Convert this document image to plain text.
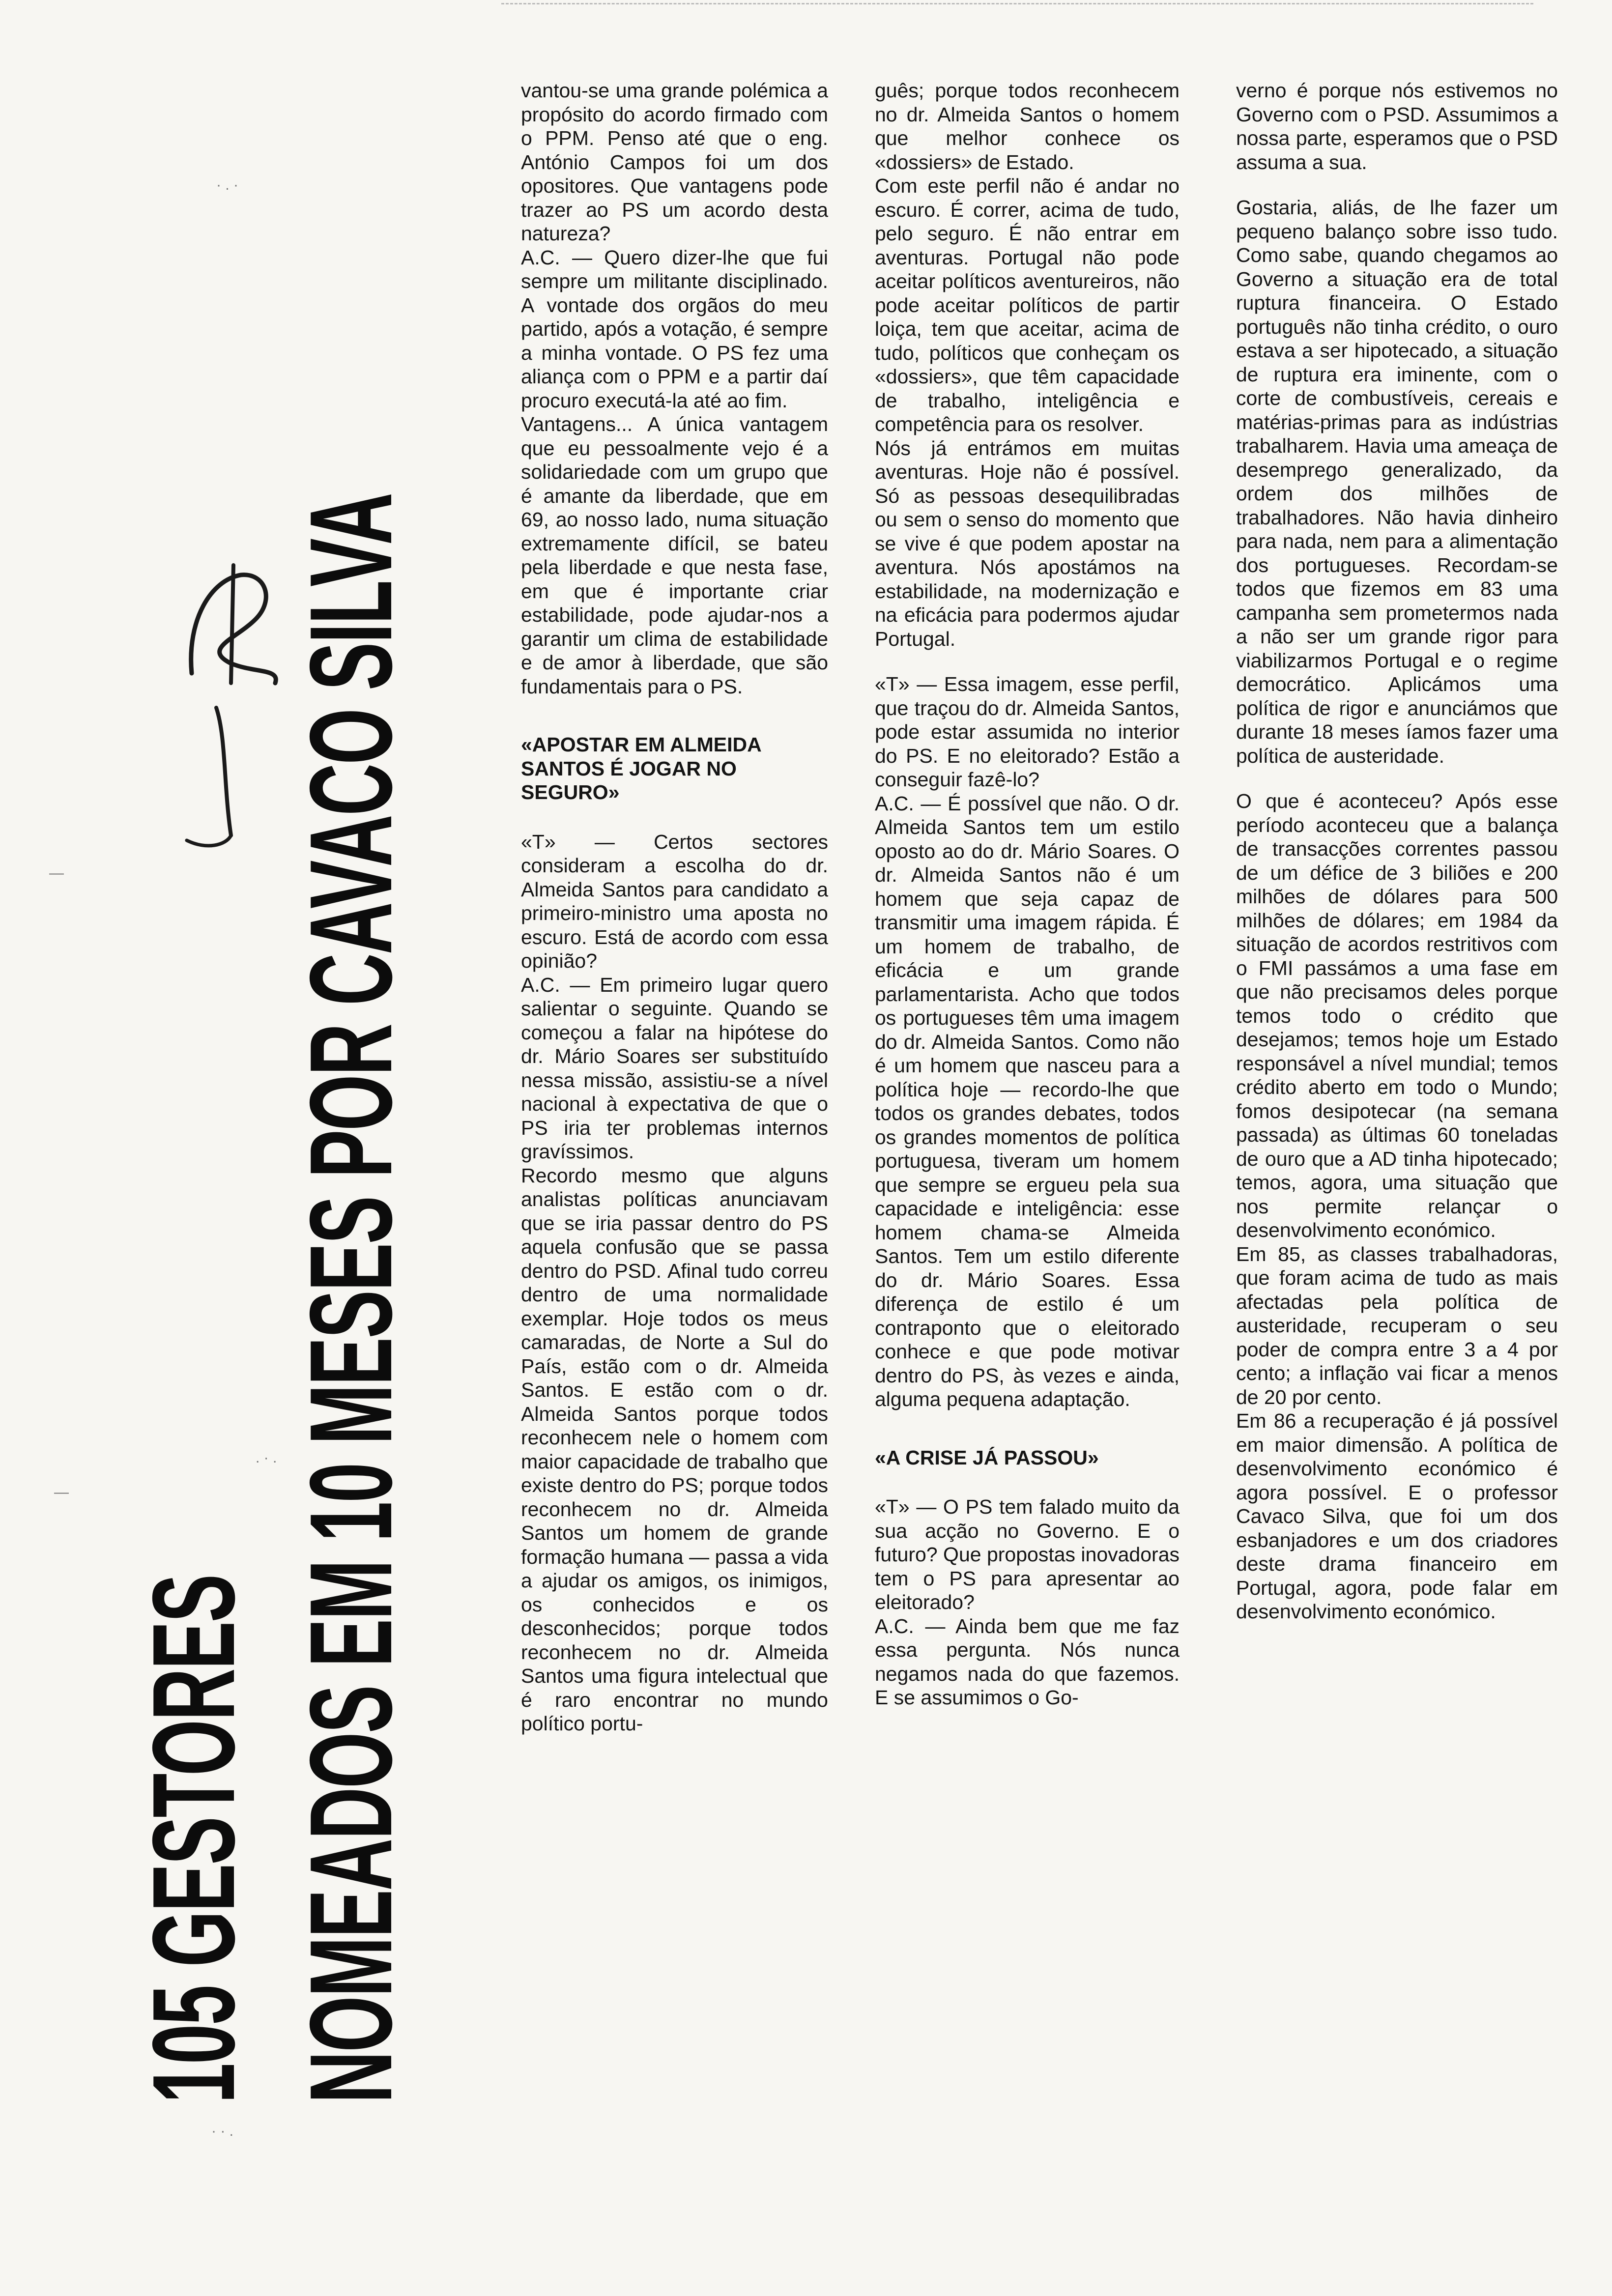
105 GESTORES NOMEADOS EM 10 MESES POR CAVACO SILVA

vantou-se uma grande polémica a propósito do acordo firmado com o PPM. Penso até que o eng. António Campos foi um dos opositores. Que vantagens pode trazer ao PS um acordo desta natureza?

A.C. — Quero dizer-lhe que fui sempre um militante disciplinado. A vontade dos orgãos do meu partido, após a votação, é sempre a minha vontade. O PS fez uma aliança com o PPM e a partir daí procuro executá-la até ao fim.

Vantagens... A única vantagem que eu pessoalmente vejo é a solidariedade com um grupo que é amante da liberdade, que em 69, ao nosso lado, numa situação extremamente difícil, se bateu pela liberdade e que nesta fase, em que é importante criar estabilidade, pode ajudar-nos a garantir um clima de estabilidade e de amor à liberdade, que são fundamentais para o PS.

«APOSTAR EM ALMEIDA SANTOS É JOGAR NO SEGURO»

«T» — Certos sectores consideram a escolha do dr. Almeida Santos para candidato a primeiro-ministro uma aposta no escuro. Está de acordo com essa opinião?

A.C. — Em primeiro lugar quero salientar o seguinte. Quando se começou a falar na hipótese do dr. Mário Soares ser substituído nessa missão, assistiu-se a nível nacional à expectativa de que o PS iria ter problemas internos gravíssimos.

Recordo mesmo que alguns analistas políticas anunciavam que se iria passar dentro do PS aquela confusão que se passa dentro do PSD. Afinal tudo correu dentro de uma normalidade exemplar. Hoje todos os meus camaradas, de Norte a Sul do País, estão com o dr. Almeida Santos. E estão com o dr. Almeida Santos porque todos reconhecem nele o homem com maior capacidade de trabalho que existe dentro do PS; porque todos reconhecem no dr. Almeida Santos um homem de grande formação humana — passa a vida a ajudar os amigos, os inimigos, os conhecidos e os desconhecidos; porque todos reconhecem no dr. Almeida Santos uma figura intelectual que é raro encontrar no mundo político portu-

guês; porque todos reconhecem no dr. Almeida Santos o homem que melhor conhece os «dossiers» de Estado.

Com este perfil não é andar no escuro. É correr, acima de tudo, pelo seguro. É não entrar em aventuras. Portugal não pode aceitar políticos aventureiros, não pode aceitar políticos de partir loiça, tem que aceitar, acima de tudo, políticos que conheçam os «dossiers», que têm capacidade de trabalho, inteligência e competência para os resolver.

Nós já entrámos em muitas aventuras. Hoje não é possível. Só as pessoas desequilibradas ou sem o senso do momento que se vive é que podem apostar na aventura. Nós apostámos na estabilidade, na modernização e na eficácia para podermos ajudar Portugal.

«T» — Essa imagem, esse perfil, que traçou do dr. Almeida Santos, pode estar assumida no interior do PS. E no eleitorado? Estão a conseguir fazê-lo?

A.C. — É possível que não. O dr. Almeida Santos tem um estilo oposto ao do dr. Mário Soares. O dr. Almeida Santos não é um homem que seja capaz de transmitir uma imagem rápida. É um homem de trabalho, de eficácia e um grande parlamentarista. Acho que todos os portugueses têm uma imagem do dr. Almeida Santos. Como não é um homem que nasceu para a política hoje — recordo-lhe que todos os grandes debates, todos os grandes momentos de política portuguesa, tiveram um homem que sempre se ergueu pela sua capacidade e inteligência: esse homem chama-se Almeida Santos. Tem um estilo diferente do dr. Mário Soares. Essa diferença de estilo é um contraponto que o eleitorado conhece e que pode motivar dentro do PS, às vezes e ainda, alguma pequena adaptação.

«A CRISE JÁ PASSOU»

«T» — O PS tem falado muito da sua acção no Governo. E o futuro? Que propostas inovadoras tem o PS para apresentar ao eleitorado?

A.C. — Ainda bem que me faz essa pergunta. Nós nunca negamos nada do que fazemos. E se assumimos o Go-

verno é porque nós estivemos no Governo com o PSD. Assumimos a nossa parte, esperamos que o PSD assuma a sua.

Gostaria, aliás, de lhe fazer um pequeno balanço sobre isso tudo. Como sabe, quando chegamos ao Governo a situação era de total ruptura financeira. O Estado português não tinha crédito, o ouro estava a ser hipotecado, a situação de ruptura era iminente, com o corte de combustíveis, cereais e matérias-primas para as indústrias trabalharem. Havia uma ameaça de desemprego generalizado, da ordem dos milhões de trabalhadores. Não havia dinheiro para nada, nem para a alimentação dos portugueses. Recordam-se todos que fizemos em 83 uma campanha sem prometermos nada a não ser um grande rigor para viabilizarmos Portugal e o regime democrático. Aplicámos uma política de rigor e anunciámos que durante 18 meses íamos fazer uma política de austeridade.

O que é aconteceu? Após esse período aconteceu que a balança de transacções correntes passou de um défice de 3 biliões e 200 milhões de dólares para 500 milhões de dólares; em 1984 da situação de acordos restritivos com o FMI passámos a uma fase em que não precisamos deles porque temos todo o crédito que desejamos; temos hoje um Estado responsável a nível mundial; temos crédito aberto em todo o Mundo; fomos desipotecar (na semana passada) as últimas 60 toneladas de ouro que a AD tinha hipotecado; temos, agora, uma situação que nos permite relançar o desenvolvimento económico.

Em 85, as classes trabalhadoras, que foram acima de tudo as mais afectadas pela política de austeridade, recuperam o seu poder de compra entre 3 a 4 por cento; a inflação vai ficar a menos de 20 por cento.

Em 86 a recuperação é já possível em maior dimensão. A política de desenvolvimento económico é agora possível. E o professor Cavaco Silva, que foi um dos esbanjadores e um dos criadores deste drama financeiro em Portugal, agora, pode falar em desenvolvimento económico.

· . ·
. · .
· · .
—
—
